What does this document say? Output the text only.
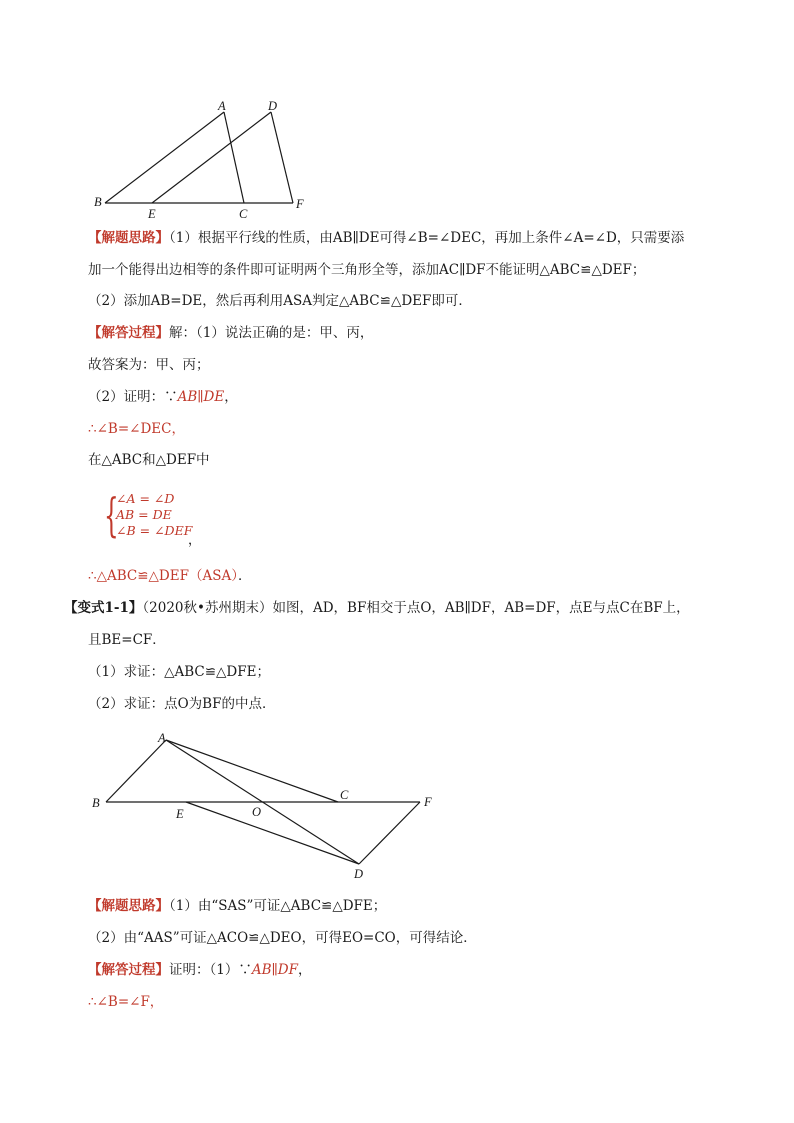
A	D
B
E	C
F
【解题思路】（1）根据平行线的性质，由AB∥DE可得∠B=∠DEC，再加上条件∠A=∠D，只需要添
加一个能得出边相等的条件即可证明两个三角形全等，添加AC∥DF不能证明△ABC≌△DEF；
（2）添加AB=DE，然后再利用ASA判定△ABC≌△DEF即可．
【解答过程】解：（1）说法正确的是：甲、丙，
故答案为：甲、丙；
（2）证明：∵AB∥DE，
∴∠B=∠DEC，
在△ABC和△DEF中
{
∠A = ∠D
AB = DE
∠B = ∠DEF
，
∴△ABC≌△DEF（ASA）．
【变式1-1】（2020秋•苏州期末）如图，AD，BF相交于点O，AB∥DF，AB=DF，点E与点C在BF上，
且BE=CF．
（1）求证：△ABC≌△DFE；
（2）求证：点O为BF的中点．
A
B
E	O
C	F
D
【解题思路】（1）由“SAS”可证△ABC≌△DFE；
（2）由“AAS”可证△ACO≌△DEO，可得EO=CO，可得结论．
【解答过程】证明：（1）∵AB∥DF，
∴∠B=∠F，
